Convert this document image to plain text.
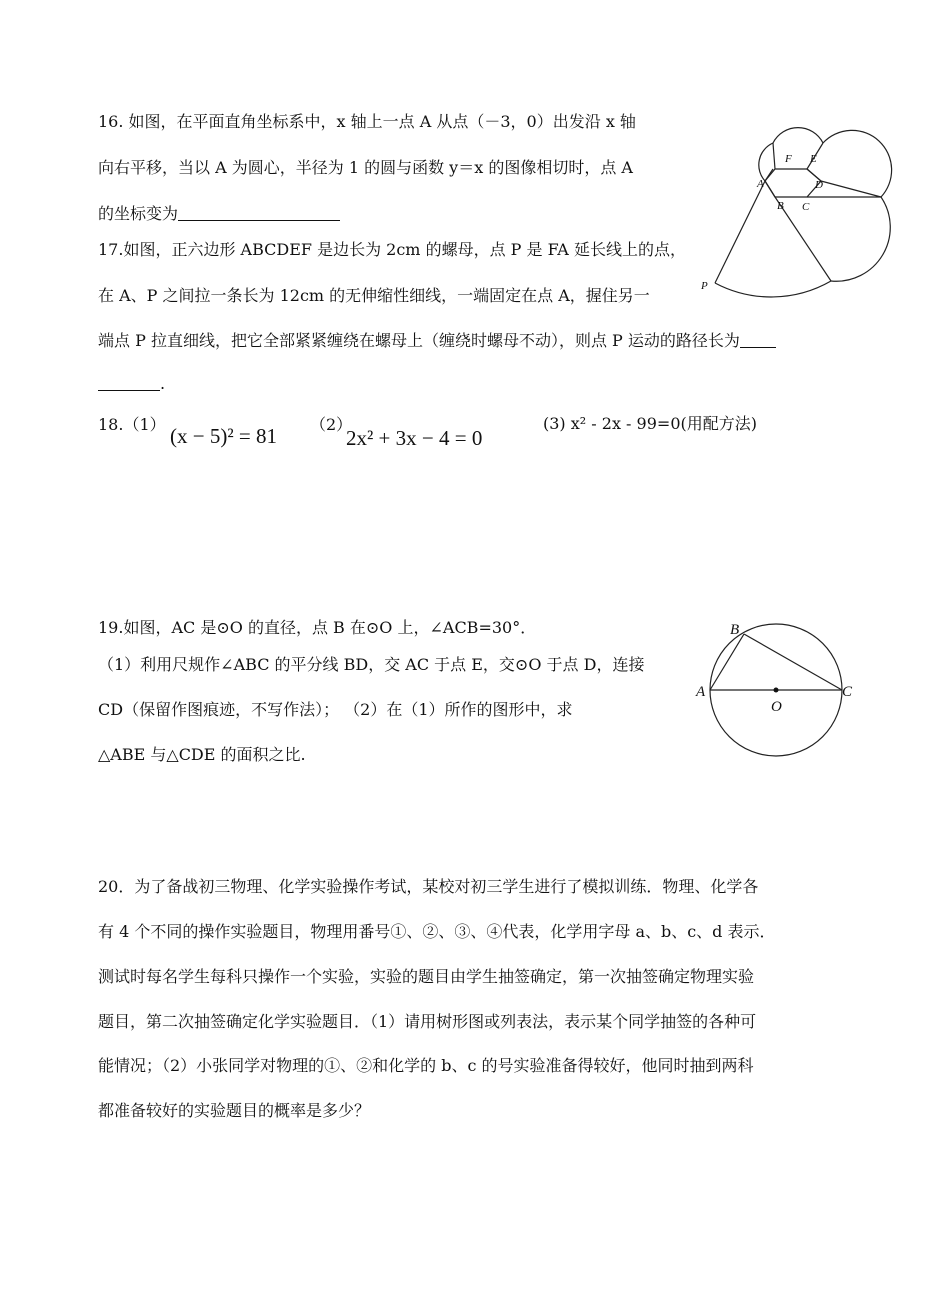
16. 如图，在平面直角坐标系中，x 轴上一点 A 从点（－3，0）出发沿 x 轴
向右平移，当以 A 为圆心，半径为 1 的圆与函数 y＝x 的图像相切时，点 A
的坐标变为
17.如图，正六边形 ABCDEF 是边长为 2cm 的螺母，点 P 是 FA 延长线上的点，
在 A、P 之间拉一条长为 12cm 的无伸缩性细线，一端固定在点 A，握住另一
端点 P 拉直细线，把它全部紧紧缠绕在螺母上（缠绕时螺母不动），则点 P 运动的路径长为
.
18.（1） (x − 5)² = 81 （2）
2x² + 3x − 4 = 0
(3) x² - 2x - 99=0(用配方法)
19.如图，AC 是⊙O 的直径，点 B 在⊙O 上，∠ACB=30°．
（1）利用尺规作∠ABC 的平分线 BD，交 AC 于点 E，交⊙O 于点 D，连接
CD（保留作图痕迹，不写作法）； （2）在（1）所作的图形中，求
△ABE 与△CDE 的面积之比.
20．为了备战初三物理、化学实验操作考试，某校对初三学生进行了模拟训练．物理、化学各
有 4 个不同的操作实验题目，物理用番号①、②、③、④代表，化学用字母 a、b、c、d 表示．
测试时每名学生每科只操作一个实验，实验的题目由学生抽签确定，第一次抽签确定物理实验
题目，第二次抽签确定化学实验题目．（1）请用树形图或列表法，表示某个同学抽签的各种可
能情况；（2）小张同学对物理的①、②和化学的 b、c 的号实验准备得较好，他同时抽到两科
都准备较好的实验题目的概率是多少？
F E
A	D
B C
P
A
B
C
O
